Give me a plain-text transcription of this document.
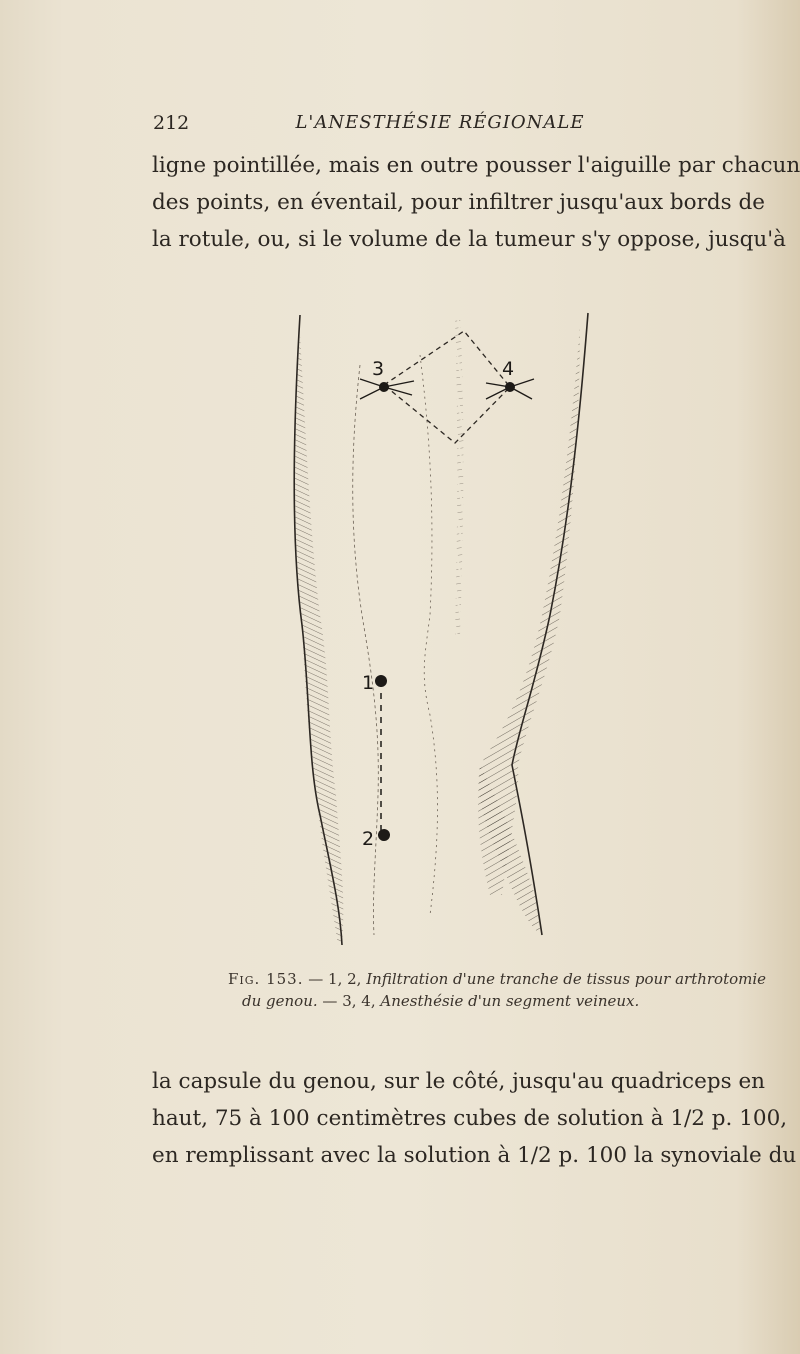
212	L'ANESTHÉSIE RÉGIONALE
ligne pointillée, mais en outre pousser l'aiguille par chacun
des points, en éventail, pour infiltrer jusqu'aux bords de
la rotule, ou, si le volume de la tumeur s'y oppose, jusqu'à
3	4
1
2
Fig. 153. — 1, 2, Infiltration d'une tranche de tissus pour arthrotomie
du genou. — 3, 4, Anesthésie d'un segment veineux.
la capsule du genou, sur le côté, jusqu'au quadriceps en
haut, 75 à 100 centimètres cubes de solution à 1/2 p. 100,
en remplissant avec la solution à 1/2 p. 100 la synoviale du
